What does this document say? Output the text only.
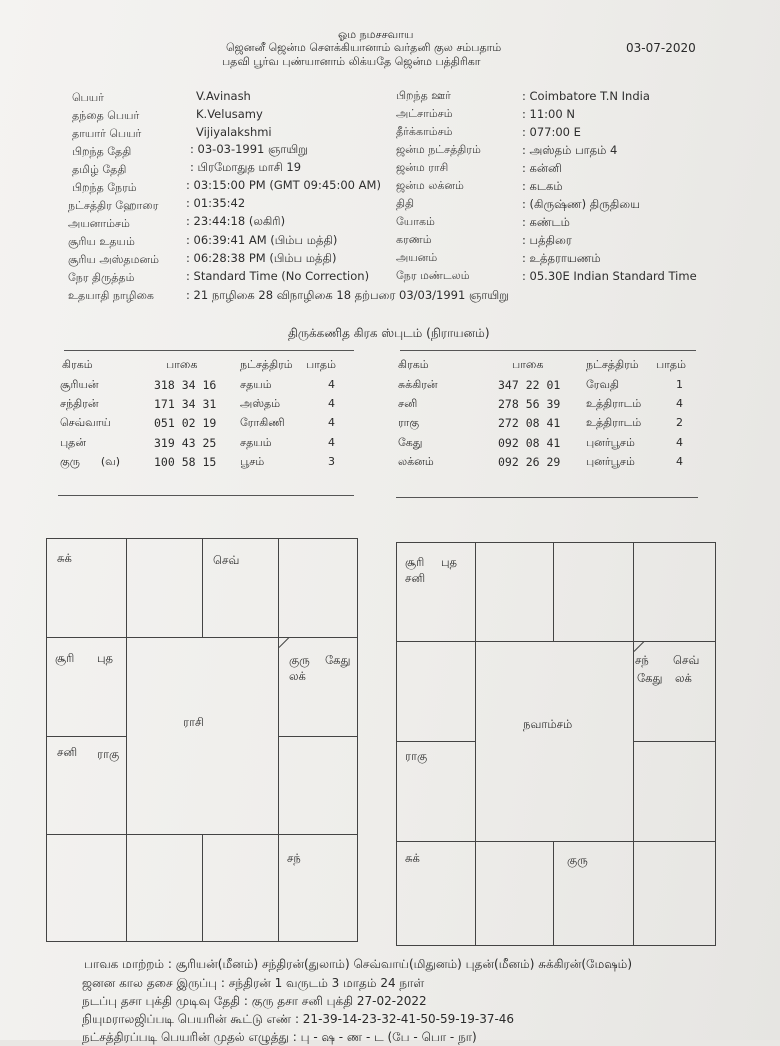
ஓம நமசசவாய
ஜெனனீ ஜென்ம சௌக்கியானாம் வர்தனி குல சம்பதாம்
பதவி பூர்வ புண்யானாம் லிக்யதே ஜென்ம பத்திரிகா
03-07-2020
பெயர்	V.Avinash
தந்தை பெயர்	K.Velusamy
தாயார் பெயர்	Vijiyalakshmi
பிறந்த தேதி	: 03-03-1991 ஞாயிறு
தமிழ் தேதி	: பிரமோதுத மாசி 19
பிறந்த நேரம்	: 03:15:00 PM (GMT 09:45:00 AM)
நட்சத்திர ஹோரை : 01:35:42
அயனாம்சம்	: 23:44:18 (லகிரி)
சூரிய உதயம்	: 06:39:41 AM (பிம்ப மத்தி)
சூரிய அஸ்தமனம் : 06:28:38 PM (பிம்ப மத்தி)
நேர திருத்தம்	: Standard Time (No Correction)
பிறந்த ஊர்	: Coimbatore T.N India
அட்சாம்சம்	: 11:00 N
தீர்க்காம்சம்	: 077:00 E
ஜன்ம நட்சத்திரம்	: அஸ்தம் பாதம் 4
ஜன்ம ராசி	: கன்னி
ஜன்ம லக்னம்	: கடகம்
திதி	: (கிருஷ்ண) திருதியை
யோகம்	: கண்டம்
கரணம்	: பத்திரை
அயனம்	: உத்தராயணம்
நேர மண்டலம்	: 05.30E Indian Standard Time
உதயாதி நாழிகை	: 21 நாழிகை 28 விநாழிகை 18 தற்பரை 03/03/1991 ஞாயிறு
திருக்கணித கிரக ஸ்புடம் (நிராயனம்)
கிரகம்	பாகை	நட்சத்திரம் பாதம்
சூரியன்	318 34 16 சதயம்	4
சந்திரன்	171 34 31 அஸ்தம்	4
செவ்வாய்	051 02 19 ரோகிணி	4
புதன்	319 43 25 சதயம்	4
குரு      (வ)	100 58 15 பூசம்	3
கிரகம்	பாகை	நட்சத்திரம் பாதம்
சுக்கிரன்	347 22 01 ரேவதி	1
சனி	278 56 39 உத்திராடம்	4
ராகு	272 08 41 உத்திராடம்	2
கேது	092 08 41 புனர்பூசம்	4
லக்னம்	092 26 29 புனர்பூசம்	4
சுக்	செவ்
சூரி புத	குரு கேது
லக்
ராசி
சனி ராகு
சந்
சூரி புத
சனி
சந் செவ்
கேது லக்
நவாம்சம்
ராகு
சுக்	குரு
பாவக மாற்றம் : சூரியன்(மீனம்) சந்திரன்(துலாம்) செவ்வாய்(மிதுனம்) புதன்(மீனம்) சுக்கிரன்(மேஷம்)
ஜனன கால தசை இருப்பு : சந்திரன் 1 வருடம் 3 மாதம் 24 நாள்
நடப்பு தசா புக்தி முடிவு தேதி : குரு தசா சனி புக்தி 27-02-2022
நியுமராலஜிப்படி பெயரின் கூட்டு எண் : 21-39-14-23-32-41-50-59-19-37-46
நட்சத்திரப்படி பெயரின் முதல் எழுத்து : பு - ஷ - ண - ட (பே - பொ - நா)
